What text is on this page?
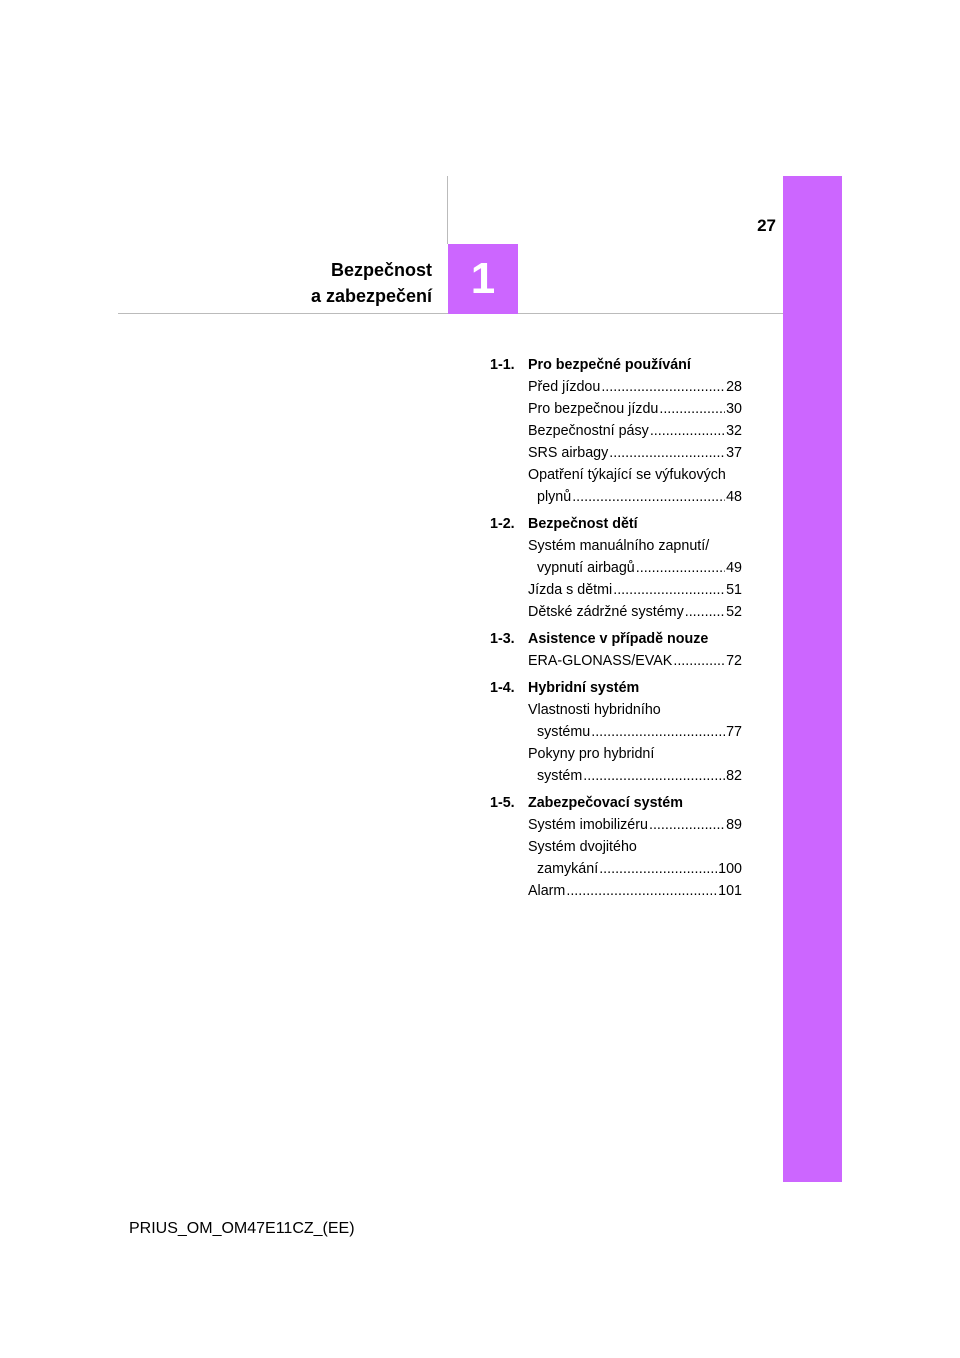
1
27
Bezpečnost
a zabezpečení
1-1. Pro bezpečné používání
Před jízdou .....	28
Pro bezpečnou jízdu .....	30
Bezpečnostní pásy .....	32
SRS airbagy .....	37
Opatření týkající se výfukových
plynů .....	48
1-2. Bezpečnost dětí
Systém manuálního zapnutí/
vypnutí airbagů .....	49
Jízda s dětmi .....	51
Dětské zádržné systémy .....	52
1-3. Asistence v případě nouze
ERA-GLONASS/EVAK .....	72
1-4. Hybridní systém
Vlastnosti hybridního
systému .....	77
Pokyny pro hybridní
systém .....	82
1-5. Zabezpečovací systém
Systém imobilizéru .....	89
Systém dvojitého
zamykání .....	100
Alarm .....	101
PRIUS_OM_OM47E11CZ_(EE)
